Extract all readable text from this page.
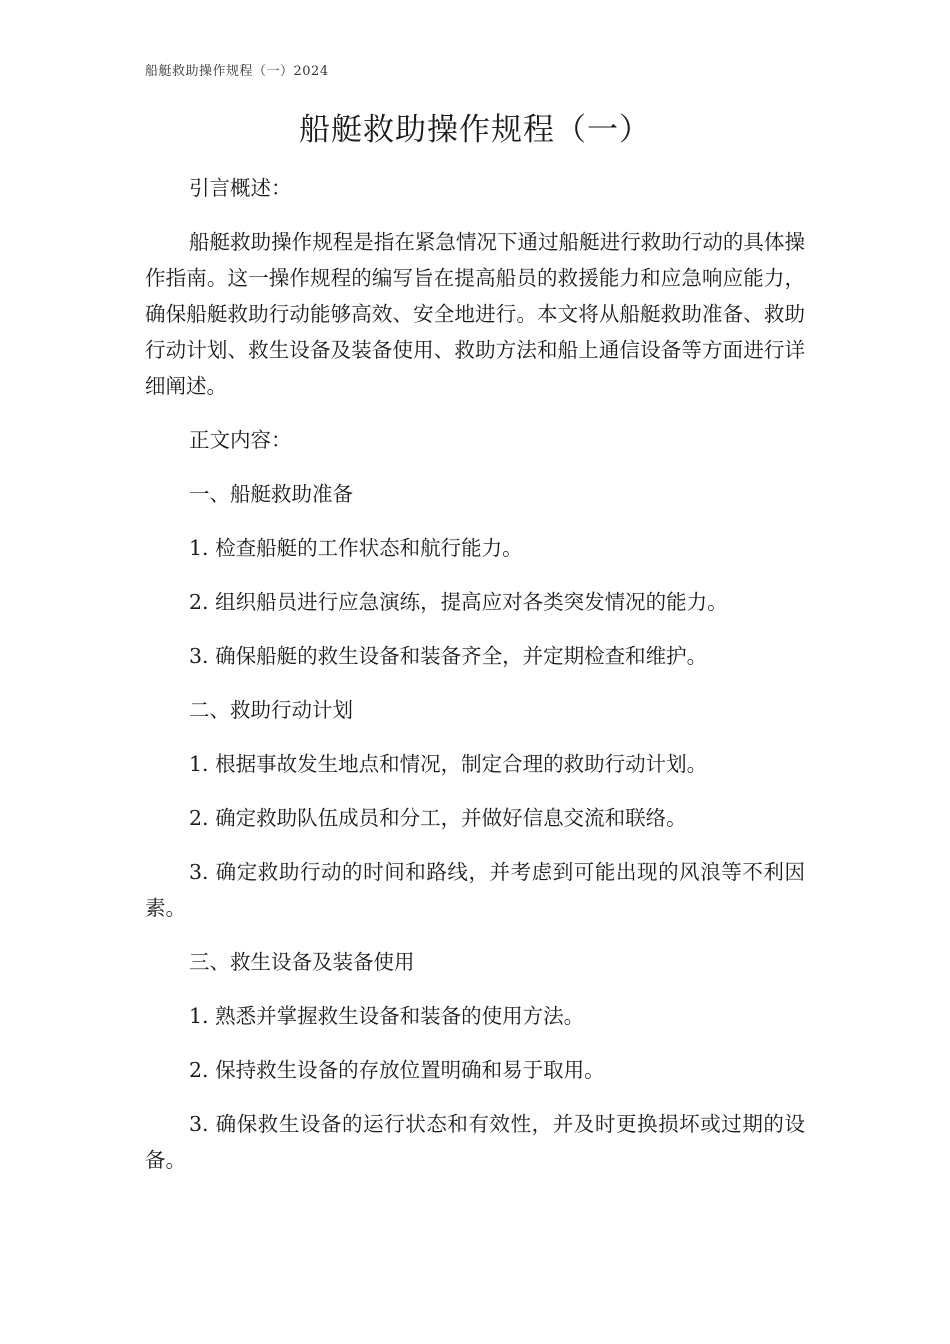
船艇救助操作规程（一）2024
船艇救助操作规程（一）

引言概述：

船艇救助操作规程是指在紧急情况下通过船艇进行救助行动的具体操作指南。这一操作规程的编写旨在提高船员的救援能力和应急响应能力，确保船艇救助行动能够高效、安全地进行。本文将从船艇救助准备、救助行动计划、救生设备及装备使用、救助方法和船上通信设备等方面进行详细阐述。

正文内容：

一、船艇救助准备

1. 检查船艇的工作状态和航行能力。

2. 组织船员进行应急演练，提高应对各类突发情况的能力。

3. 确保船艇的救生设备和装备齐全，并定期检查和维护。

二、救助行动计划

1. 根据事故发生地点和情况，制定合理的救助行动计划。

2. 确定救助队伍成员和分工，并做好信息交流和联络。

3. 确定救助行动的时间和路线，并考虑到可能出现的风浪等不利因素。

三、救生设备及装备使用

1. 熟悉并掌握救生设备和装备的使用方法。

2. 保持救生设备的存放位置明确和易于取用。

3. 确保救生设备的运行状态和有效性，并及时更换损坏或过期的设备。
